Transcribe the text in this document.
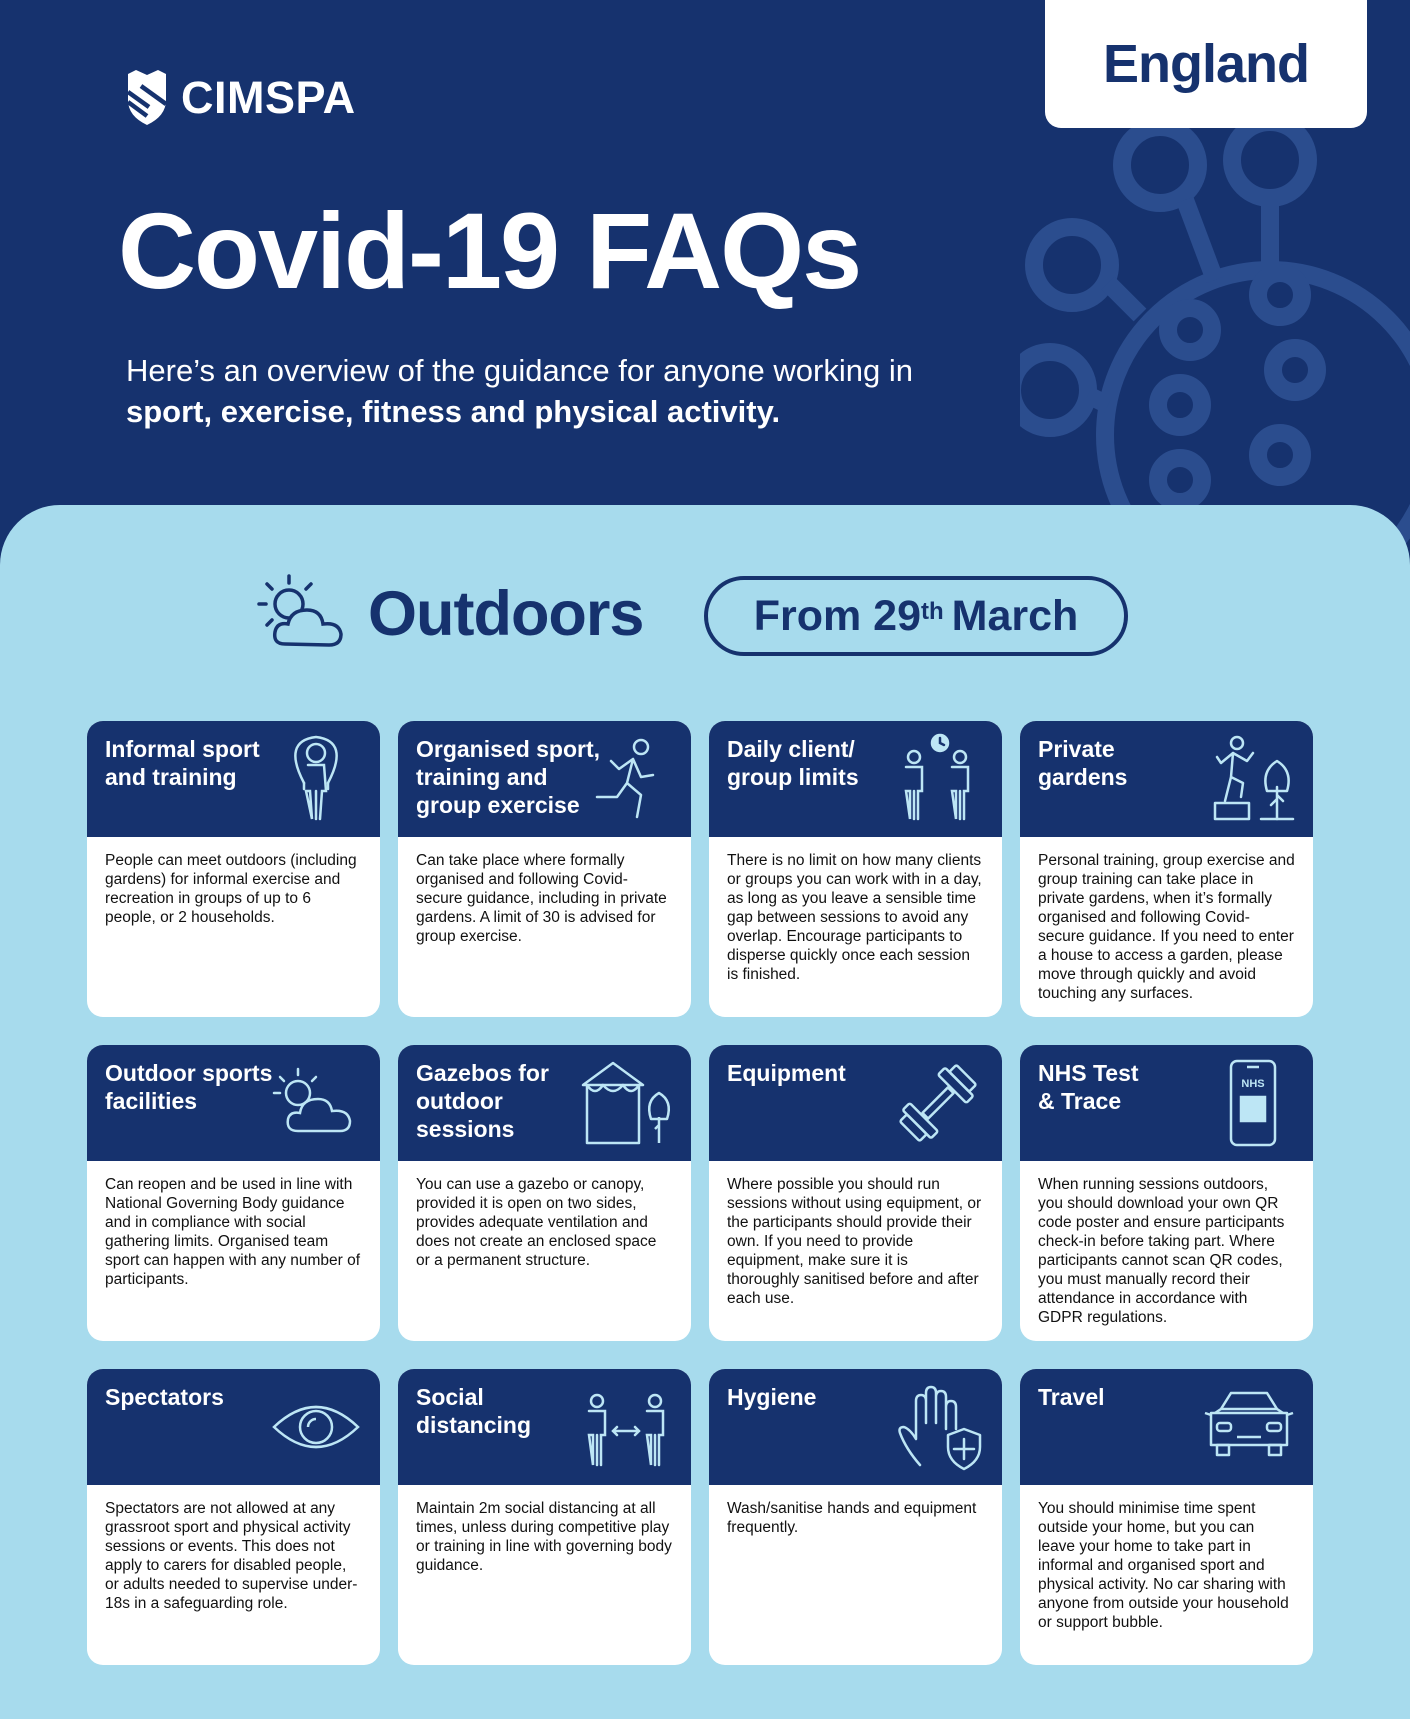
England
CIMSPA
Covid-19 FAQs
Here’s an overview of the guidance for anyone working in sport, exercise, fitness and physical activity.
Outdoors	From 29th March
Informal sport
and training
People can meet outdoors (including gardens) for informal exercise and recreation in groups of up to 6 people, or 2 households.
Organised sport,
training and
group exercise
Can take place where formally organised and following Covid-secure guidance, including in private gardens. A limit of 30 is advised for group exercise.
Daily client/
group limits
There is no limit on how many clients or groups you can work with in a day, as long as you leave a sensible time gap between sessions to avoid any overlap. Encourage participants to disperse quickly once each session is finished.
Private
gardens
Personal training, group exercise and group training can take place in private gardens, when it’s formally organised and following Covid-secure guidance. If you need to enter a house to access a garden, please move through quickly and avoid touching any surfaces.
Outdoor sports
facilities
Can reopen and be used in line with National Governing Body guidance and in compliance with social gathering limits. Organised team sport can happen with any number of participants.
Gazebos for
outdoor
sessions
You can use a gazebo or canopy, provided it is open on two sides, provides adequate ventilation and does not create an enclosed space or a permanent structure.
Equipment
Where possible you should run sessions without using equipment, or the participants should provide their own. If you need to provide equipment, make sure it is thoroughly sanitised before and after each use.
NHS Test
& Trace
NHS
When running sessions outdoors, you should download your own QR code poster and ensure participants check-in before taking part. Where participants cannot scan QR codes, you must manually record their attendance in accordance with GDPR regulations.
Spectators
Spectators are not allowed at any grassroot sport and physical activity sessions or events. This does not apply to carers for disabled people, or adults needed to supervise under-18s in a safeguarding role.
Social
distancing
Maintain 2m social distancing at all times, unless during competitive play or training in line with governing body guidance.
Hygiene
Wash/sanitise hands and equipment frequently.
Travel
You should minimise time spent outside your home, but you can leave your home to take part in informal and organised sport and physical activity. No car sharing with anyone from outside your household or support bubble.
